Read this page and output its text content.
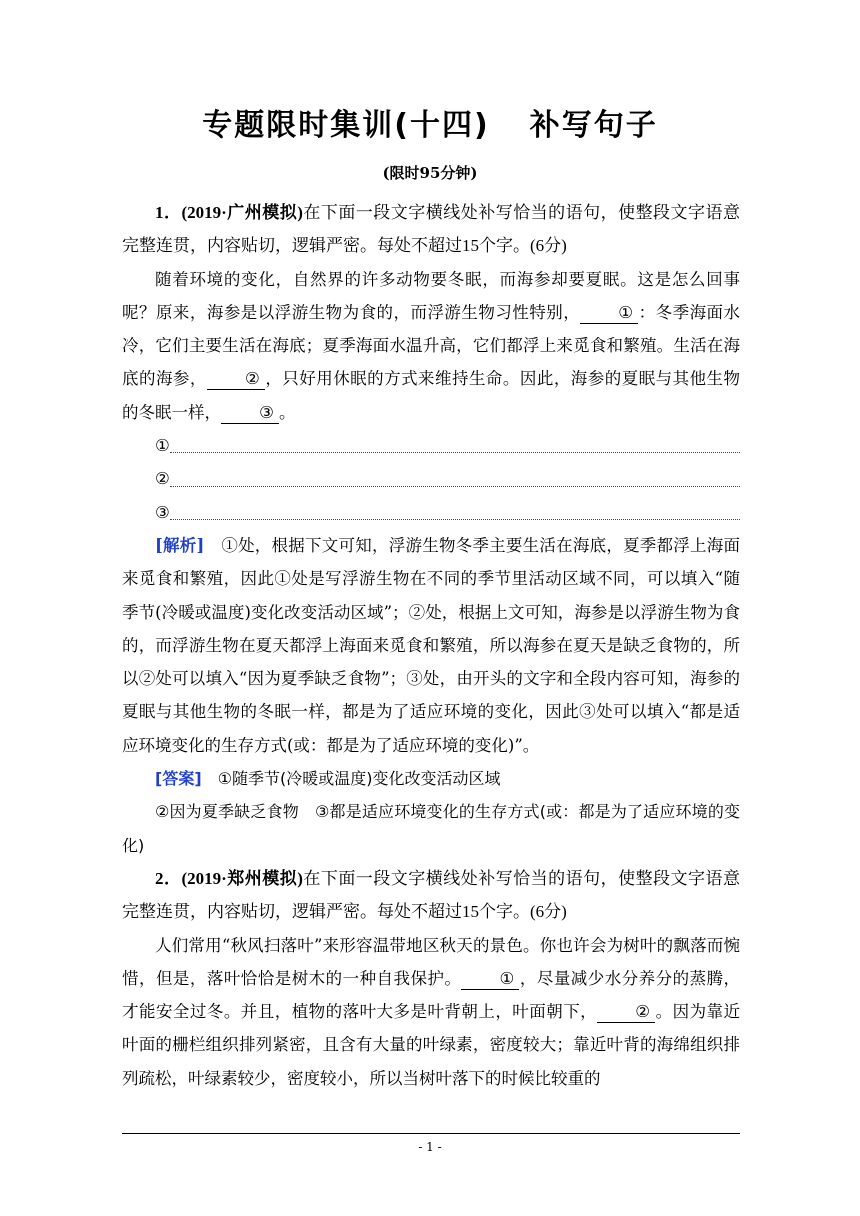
专题限时集训(十四) 补写句子
(限时95分钟)

1．(2019·广州模拟)在下面一段文字横线处补写恰当的语句，使整段文字语意完整连贯，内容贴切，逻辑严密。每处不超过15个字。(6分)

随着环境的变化，自然界的许多动物要冬眠，而海参却要夏眠。这是怎么回事呢？原来，海参是以浮游生物为食的，而浮游生物习性特别， ① ：冬季海面水冷，它们主要生活在海底；夏季海面水温升高，它们都浮上来觅食和繁殖。生活在海底的海参， ② ，只好用休眠的方式来维持生命。因此，海参的夏眠与其他生物的冬眠一样， ③ 。

①
②
③

[解析]　 ①处，根据下文可知，浮游生物冬季主要生活在海底，夏季都浮上海面来觅食和繁殖，因此①处是写浮游生物在不同的季节里活动区域不同，可以填入“随季节(冷暖或温度)变化改变活动区域”；②处，根据上文可知，海参是以浮游生物为食的，而浮游生物在夏天都浮上海面来觅食和繁殖，所以海参在夏天是缺乏食物的，所以②处可以填入“因为夏季缺乏食物”；③处，由开头的文字和全段内容可知，海参的夏眠与其他生物的冬眠一样，都是为了适应环境的变化，因此③处可以填入“都是适应环境变化的生存方式(或：都是为了适应环境的变化)”。

[答案]　 ①随季节(冷暖或温度)变化改变活动区域

②因为夏季缺乏食物　③都是适应环境变化的生存方式(或：都是为了适应环境的变化)

2．(2019·郑州模拟)在下面一段文字横线处补写恰当的语句，使整段文字语意完整连贯，内容贴切，逻辑严密。每处不超过15个字。(6分)

人们常用“秋风扫落叶”来形容温带地区秋天的景色。你也许会为树叶的飘落而惋惜，但是，落叶恰恰是树木的一种自我保护。 ① ，尽量减少水分养分的蒸腾，才能安全过冬。并且，植物的落叶大多是叶背朝上，叶面朝下， ② 。因为靠近叶面的栅栏组织排列紧密，且含有大量的叶绿素，密度较大；靠近叶背的海绵组织排列疏松，叶绿素较少，密度较小，所以当树叶落下的时候比较重的

- 1 -
